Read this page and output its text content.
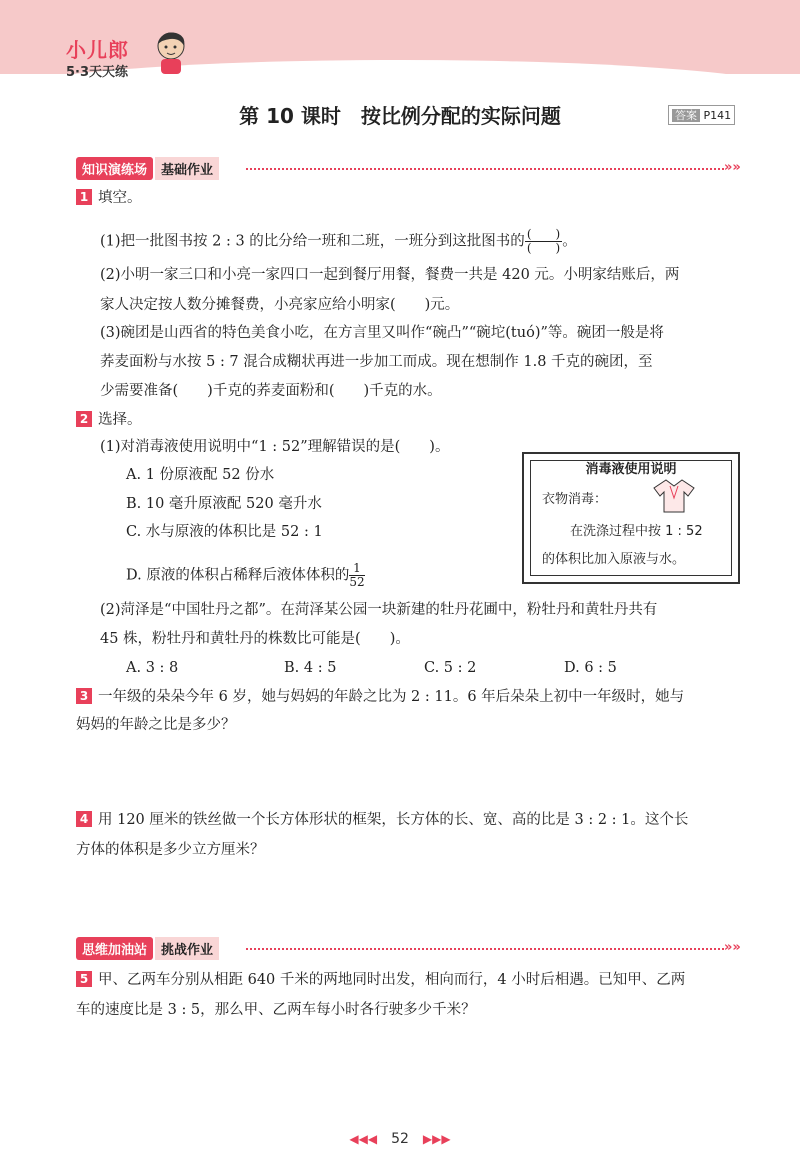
小儿郎
5·3天天练
第 10 课时　按比例分配的实际问题	答案 P141
知识演练场	基础作业	»»
1 填空。
(1)把一批图书按 2 : 3 的比分给一班和二班，一班分到这批图书的 $\frac{( )}{( )}$ 。
(2)小明一家三口和小亮一家四口一起到餐厅用餐，餐费一共是 420 元。小明家结账后，两
家人决定按人数分摊餐费，小亮家应给小明家(　　)元。
(3)碗团是山西省的特色美食小吃，在方言里又叫作“碗凸”“碗坨(tuó)”等。碗团一般是将
荞麦面粉与水按 5 : 7 混合成糊状再进一步加工而成。现在想制作 1.8 千克的碗团，至
少需要准备(　　)千克的荞麦面粉和(　　)千克的水。
2 选择。
(1)对消毒液使用说明中“1 : 52”理解错误的是(　　)。
A. 1 份原液配 52 份水
B. 10 毫升原液配 520 毫升水
C. 水与原液的体积比是 52 : 1
D. 原液的体积占稀释后液体体积的 $\frac{1}{52}$
消毒液使用说明
衣物消毒：
在洗涤过程中按 1 : 52
的体积比加入原液与水。
(2)菏泽是“中国牡丹之都”。在菏泽某公园一块新建的牡丹花圃中，粉牡丹和黄牡丹共有
45 株，粉牡丹和黄牡丹的株数比可能是(　　)。
A. 3 : 8	B. 4 : 5	C. 5 : 2	D. 6 : 5
3 一年级的朵朵今年 6 岁，她与妈妈的年龄之比为 2 : 11。6 年后朵朵上初中一年级时，她与
妈妈的年龄之比是多少？
4 用 120 厘米的铁丝做一个长方体形状的框架，长方体的长、宽、高的比是 3 : 2 : 1。这个长
方体的体积是多少立方厘米？
思维加油站	挑战作业	»»
5 甲、乙两车分别从相距 640 千米的两地同时出发，相向而行，4 小时后相遇。已知甲、乙两
车的速度比是 3 : 5，那么甲、乙两车每小时各行驶多少千米？
◀◀◀　 52　 ▶▶▶
